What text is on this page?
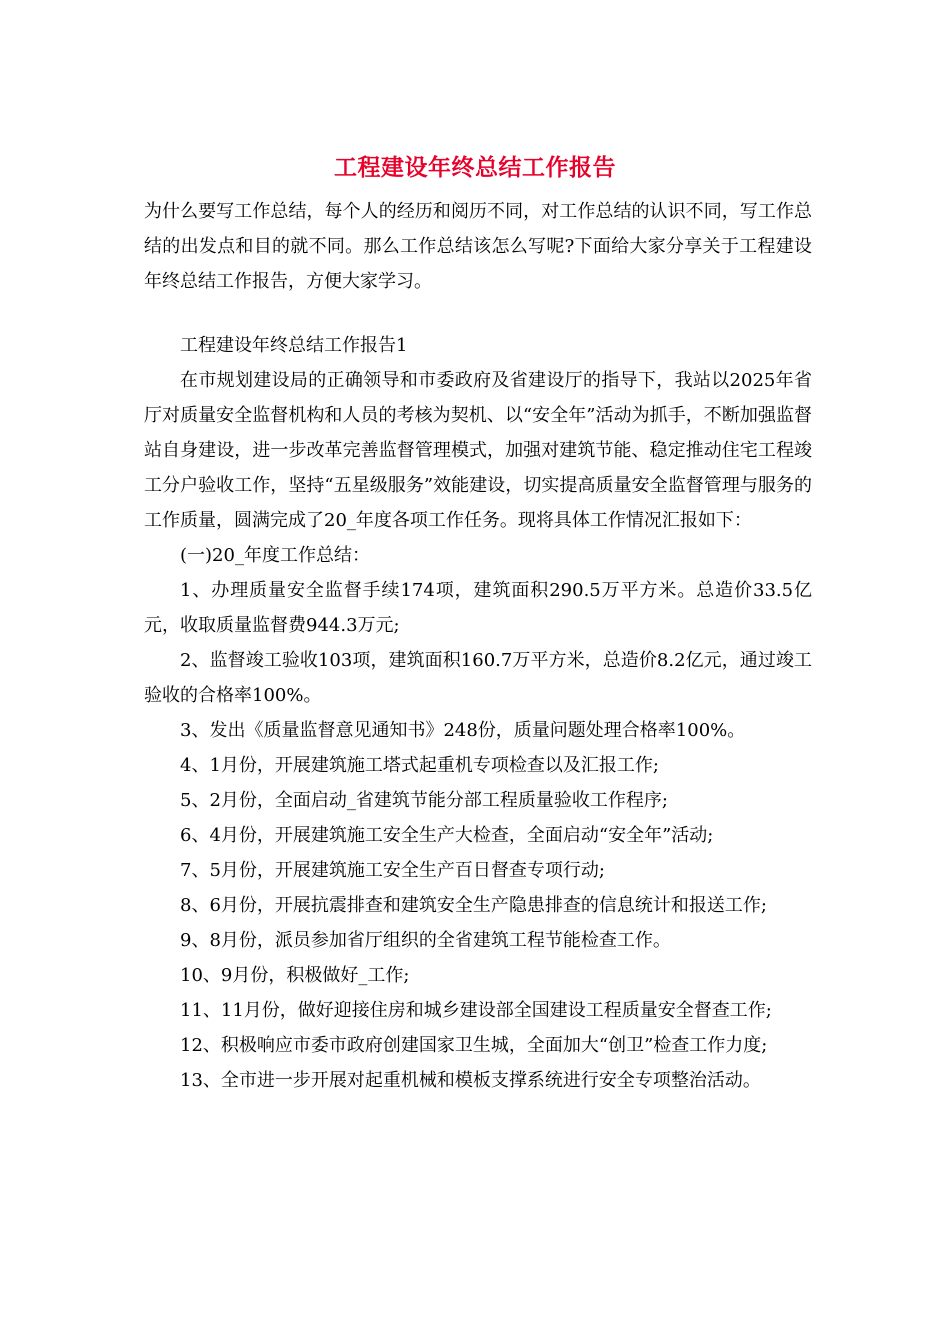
工程建设年终总结工作报告

为什么要写工作总结，每个人的经历和阅历不同，对工作总结的认识不同，写工作总结的出发点和目的就不同。那么工作总结该怎么写呢?下面给大家分享关于工程建设年终总结工作报告，方便大家学习。

工程建设年终总结工作报告1

在市规划建设局的正确领导和市委政府及省建设厅的指导下，我站以2025年省厅对质量安全监督机构和人员的考核为契机、以“安全年”活动为抓手，不断加强监督站自身建设，进一步改革完善监督管理模式，加强对建筑节能、稳定推动住宅工程竣工分户验收工作，坚持“五星级服务”效能建设，切实提高质量安全监督管理与服务的工作质量，圆满完成了20_年度各项工作任务。现将具体工作情况汇报如下：

(一)20_年度工作总结：

1、办理质量安全监督手续174项，建筑面积290.5万平方米。总造价33.5亿元，收取质量监督费944.3万元;

2、监督竣工验收103项，建筑面积160.7万平方米，总造价8.2亿元，通过竣工验收的合格率100%。

3、发出《质量监督意见通知书》248份，质量问题处理合格率100%。

4、1月份，开展建筑施工塔式起重机专项检查以及汇报工作;

5、2月份，全面启动_省建筑节能分部工程质量验收工作程序;

6、4月份，开展建筑施工安全生产大检查，全面启动“安全年”活动;

7、5月份，开展建筑施工安全生产百日督查专项行动;

8、6月份，开展抗震排查和建筑安全生产隐患排查的信息统计和报送工作;

9、8月份，派员参加省厅组织的全省建筑工程节能检查工作。

10、9月份，积极做好_工作;

11、11月份，做好迎接住房和城乡建设部全国建设工程质量安全督查工作;

12、积极响应市委市政府创建国家卫生城，全面加大“创卫”检查工作力度;

13、全市进一步开展对起重机械和模板支撑系统进行安全专项整治活动。
